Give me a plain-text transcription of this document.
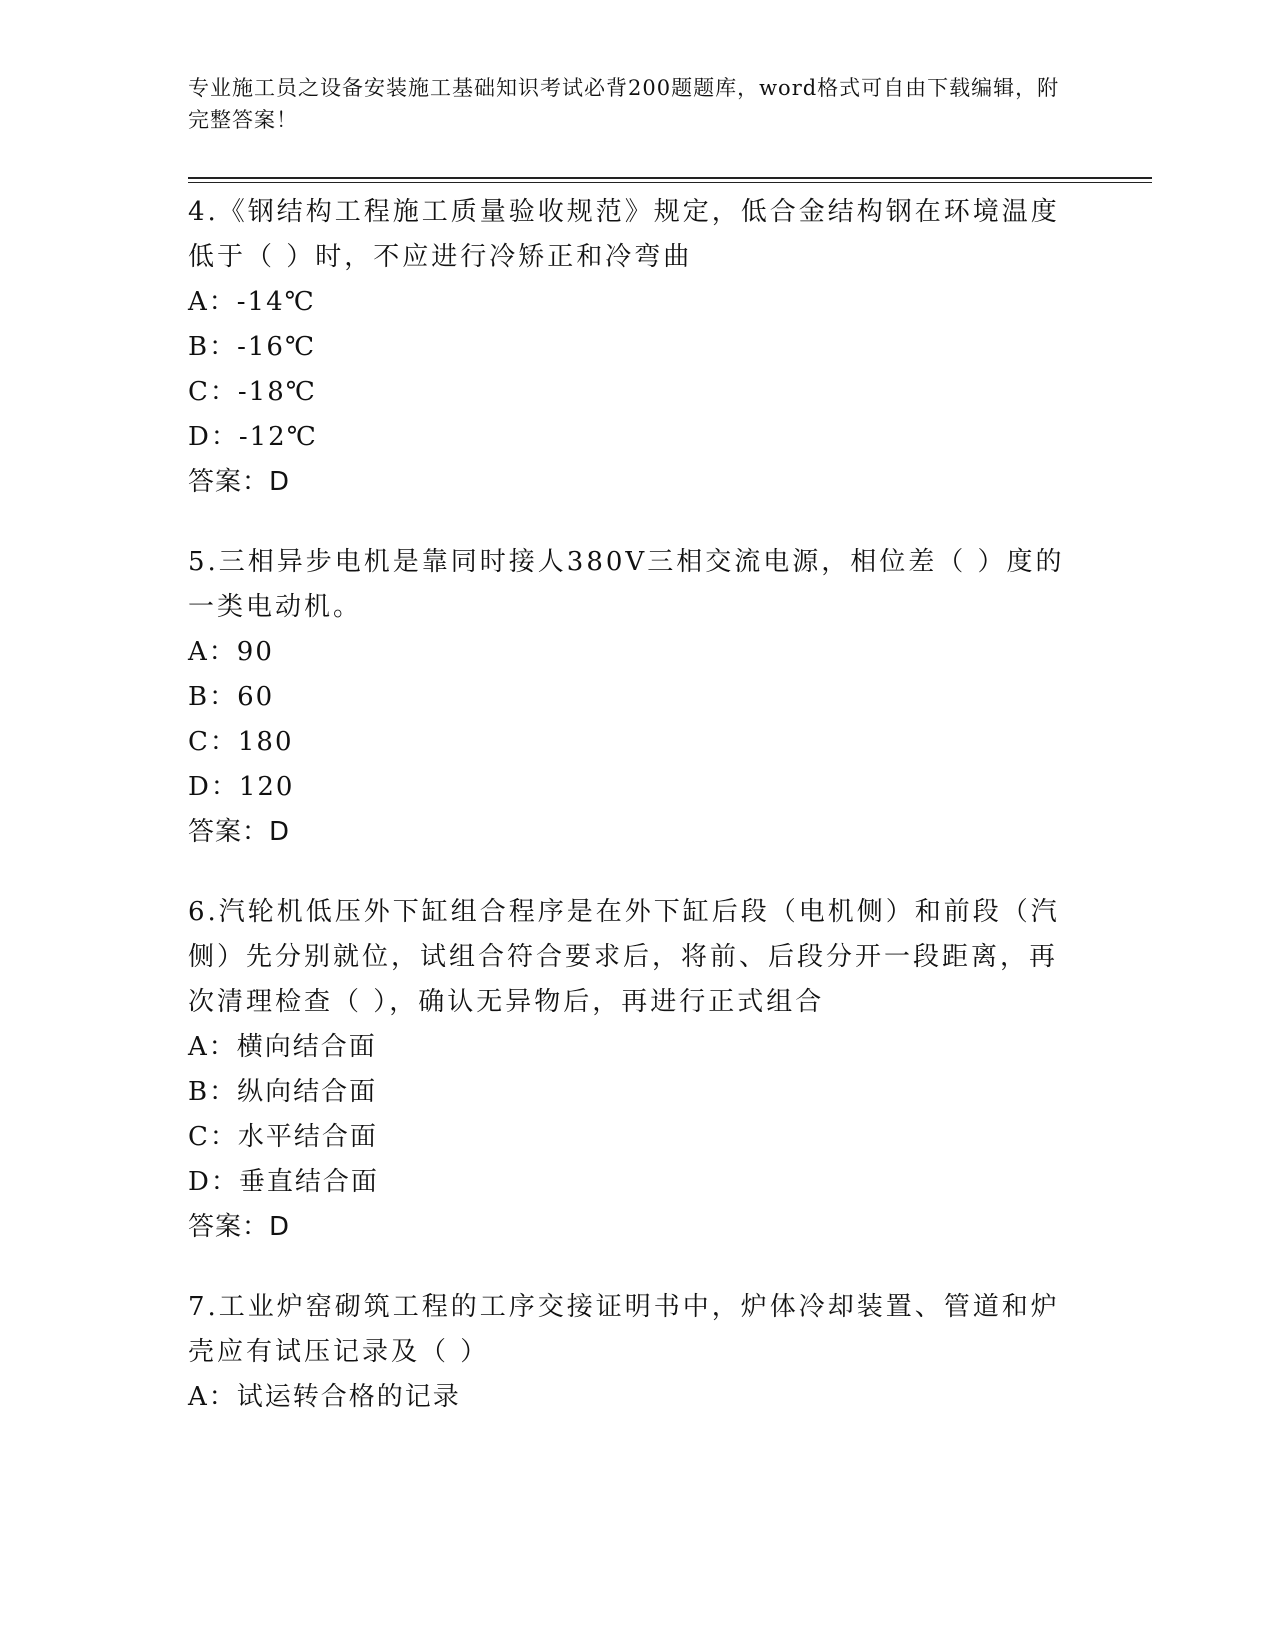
专业施工员之设备安装施工基础知识考试必背200题题库，word格式可自由下载编辑，附完整答案！

4.《钢结构工程施工质量验收规范》规定，低合金结构钢在环境温度低于（ ）时，不应进行冷矫正和冷弯曲

A：-14℃

B：-16℃

C：-18℃

D：-12℃

答案：D

5.三相异步电机是靠同时接人380V三相交流电源，相位差（ ）度的一类电动机。

A：90

B：60

C：180

D：120

答案：D

6.汽轮机低压外下缸组合程序是在外下缸后段（电机侧）和前段（汽侧）先分别就位，试组合符合要求后，将前、后段分开一段距离，再次清理检查（ ），确认无异物后，再进行正式组合

A：横向结合面

B：纵向结合面

C：水平结合面

D：垂直结合面

答案：D

7.工业炉窑砌筑工程的工序交接证明书中，炉体冷却装置、管道和炉壳应有试压记录及（ ）

A：试运转合格的记录
